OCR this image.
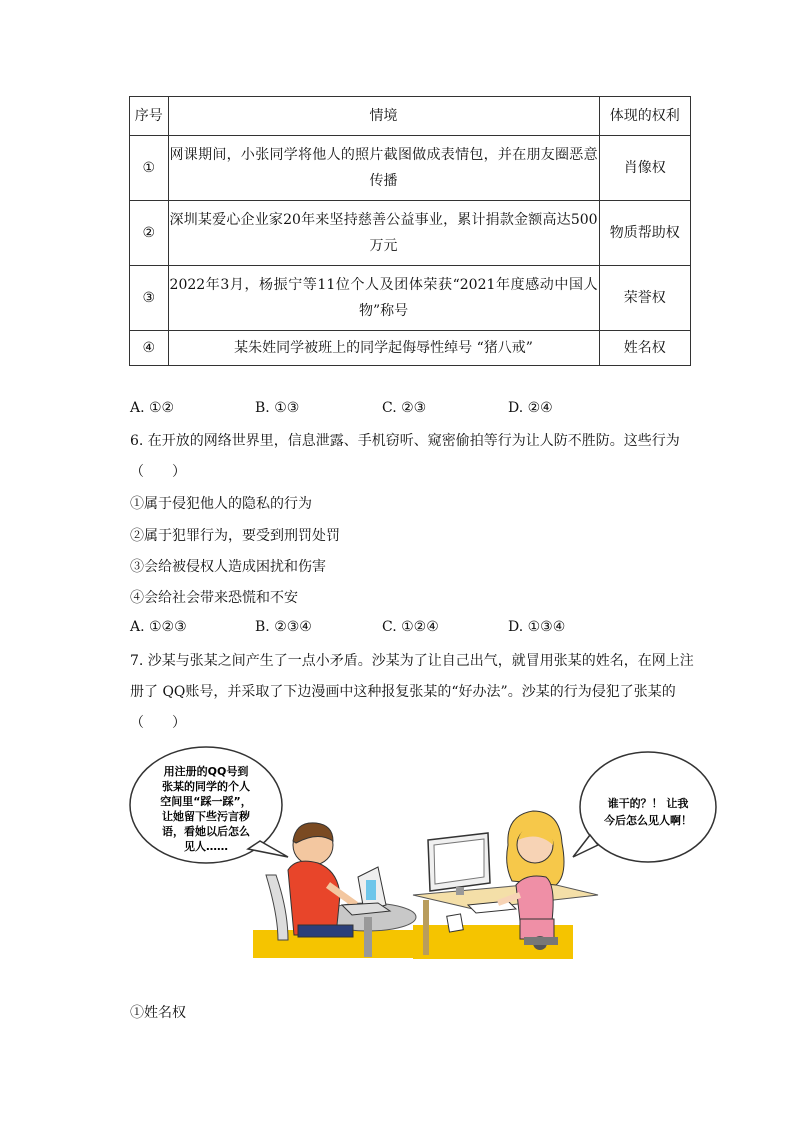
序号	情境	体现的权利
①	网课期间，小张同学将他人的照片截图做成表情包，并在朋友圈恶意传播	肖像权
②	深圳某爱心企业家20年来坚持慈善公益事业，累计捐款金额高达500万元	物质帮助权
③	2022年3月，杨振宁等11位个人及团体荣获“2021年度感动中国人物”称号	荣誉权
④	某朱姓同学被班上的同学起侮辱性绰号 “猪八戒”	姓名权
A. ①②	B. ①③	C. ②③	D. ②④
6. 在开放的网络世界里，信息泄露、手机窃听、窥密偷拍等行为让人防不胜防。这些行为
（　　）
①属于侵犯他人的隐私的行为
②属于犯罪行为，要受到刑罚处罚
③会给被侵权人造成困扰和伤害
④会给社会带来恐慌和不安
A. ①②③	B. ②③④	C. ①②④	D. ①③④
7. 沙某与张某之间产生了一点小矛盾。沙某为了让自己出气，就冒用张某的姓名，在网上注
册了 QQ账号，并采取了下边漫画中这种报复张某的“好办法”。沙某的行为侵犯了张某的
（　　）
用注册的QQ号到
张某的同学的个人
空间里“踩一踩”，
让她留下些污言秽
语，看她以后怎么
见人……
谁干的？！ 让我
今后怎么见人啊！
①姓名权
